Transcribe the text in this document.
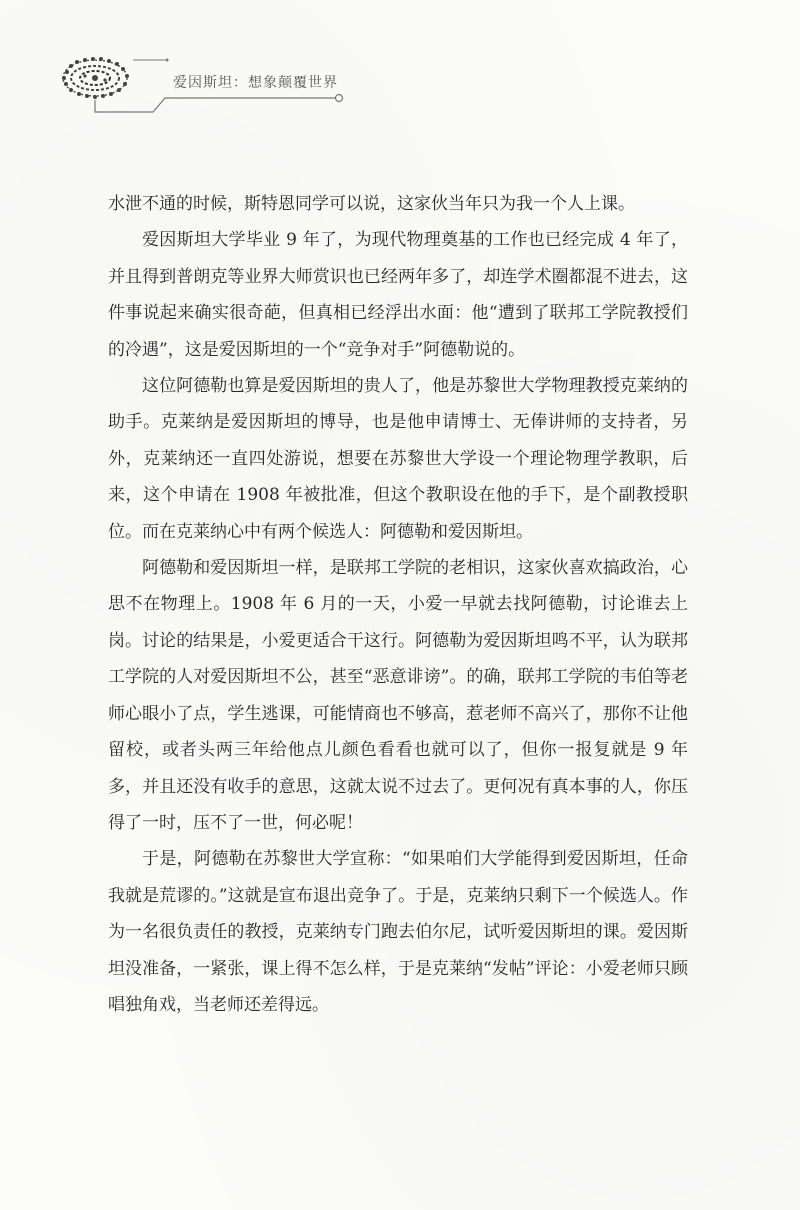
爱因斯坦：想象颠覆世界

水泄不通的时候，斯特恩同学可以说，这家伙当年只为我一个人上课。

爱因斯坦大学毕业 9 年了，为现代物理奠基的工作也已经完成 4 年了，并且得到普朗克等业界大师赏识也已经两年多了，却连学术圈都混不进去，这件事说起来确实很奇葩，但真相已经浮出水面：他“遭到了联邦工学院教授们的冷遇”，这是爱因斯坦的一个“竞争对手”阿德勒说的。

这位阿德勒也算是爱因斯坦的贵人了，他是苏黎世大学物理教授克莱纳的助手。克莱纳是爱因斯坦的博导，也是他申请博士、无俸讲师的支持者，另外，克莱纳还一直四处游说，想要在苏黎世大学设一个理论物理学教职，后来，这个申请在 1908 年被批准，但这个教职设在他的手下，是个副教授职位。而在克莱纳心中有两个候选人：阿德勒和爱因斯坦。

阿德勒和爱因斯坦一样，是联邦工学院的老相识，这家伙喜欢搞政治，心思不在物理上。1908 年 6 月的一天，小爱一早就去找阿德勒，讨论谁去上岗。讨论的结果是，小爱更适合干这行。阿德勒为爱因斯坦鸣不平，认为联邦工学院的人对爱因斯坦不公，甚至“恶意诽谤”。的确，联邦工学院的韦伯等老师心眼小了点，学生逃课，可能情商也不够高，惹老师不高兴了，那你不让他留校，或者头两三年给他点儿颜色看看也就可以了，但你一报复就是 9 年多，并且还没有收手的意思，这就太说不过去了。更何况有真本事的人，你压得了一时，压不了一世，何必呢！

于是，阿德勒在苏黎世大学宣称：“如果咱们大学能得到爱因斯坦，任命我就是荒谬的。”这就是宣布退出竞争了。于是，克莱纳只剩下一个候选人。作为一名很负责任的教授，克莱纳专门跑去伯尔尼，试听爱因斯坦的课。爱因斯坦没准备，一紧张，课上得不怎么样，于是克莱纳“发帖”评论：小爱老师只顾唱独角戏，当老师还差得远。
